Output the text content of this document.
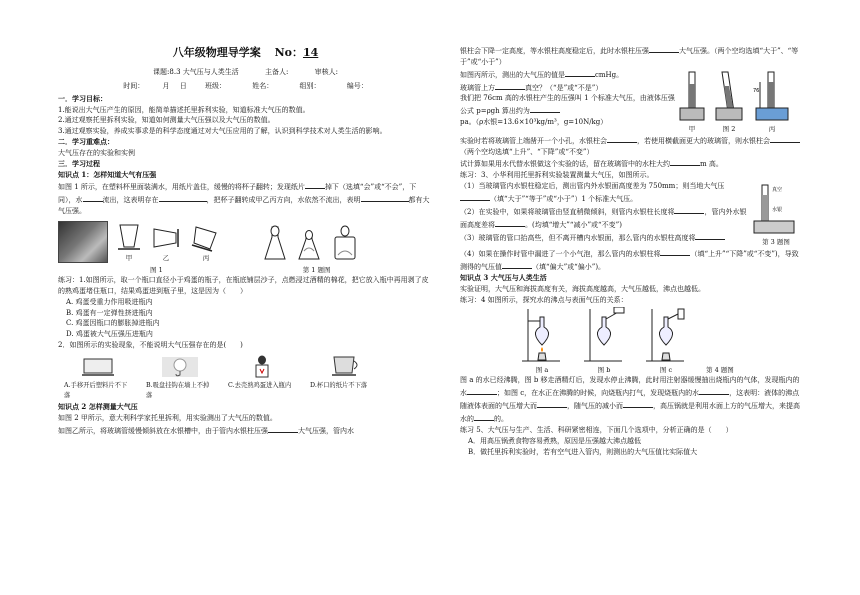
八年级物理导学案 No：14
课题:8.3 大气压与人类生活	主备人:	审核人:
时间：	月 日	班级：	姓名：	组别：	编号：

一．学习目标：

1.能说出大气压产生的原因，能简单描述托里拆利实验，知道标准大气压的数值。

2.通过观察托里拆利实验，知道如何测量大气压强以及大气压的数值。

3.通过观察实验，养成实事求是的科学态度通过对大气压应用的了解，认识到科学技术对人类生活的影响。

二．学习重难点：

大气压存在的实验和实例

三．学习过程

知识点 1：怎样知道大气有压强

如图 1 所示，在塑料杯里面装满水，用纸片盖住，缓慢的将杯子翻转；发现纸片	掉下（选填“会”或“不会”，下同），水	流出，这表明存在	，把杯子翻转成甲乙丙方向，水依然不流出，表明	都有大气压强。

甲	乙	丙
图 1	第 1 题图

练习：1.如图所示，取一个瓶口直径小于鸡蛋的瓶子，在瓶底铺层沙子，点燃浸过酒精的棉花，把它放入瓶中再用剥了皮的熟鸡蛋堵住瓶口，结果鸡蛋进到瓶子里，这是因为（　　）

A. 鸡蛋受重力作用吸进瓶内

B. 鸡蛋有一定弹性挤进瓶内

C. 鸡蛋因瓶口的膨胀掉进瓶内

D. 鸡蛋被大气压强压进瓶内

2．如图所示的实验现象，不能说明大气压强存在的是(　　)

A.手移开后塑料片不下落
B.吸盘挂钩在墙上不掉落
C.去壳熟鸡蛋进入瓶内	D.杯口的纸片不下落

知识点 2 怎样测量大气压

如图 2 甲所示，意大利科学家托里拆利，用实验测出了大气压的数值。

如图乙所示，将玻璃管缓慢倾斜放在水银槽中，由于管内水银柱压强	大气压强，管内水

银柱会下降一定高度，等水银柱高度稳定后，此时水银柱压强	大气压强。（两个空均选填“大于”、“等于”或“小于”）

如图丙所示，测出的大气压的值是	cmHg。

玻璃管上方	真空？（“是”或“不是”）

我们把 76cm 高的水银柱产生的压强叫 1 个标准大气压，由液体压强公式 p=ρgh 算出约为

pa。（ρ水银=13.6×10³kg/m³，g=10N/kg）

甲	图 2
76
丙

实验时若将玻璃管上端凿开一个小孔，水银柱会	，若使用横截面更大的玻璃管，则水银柱会（两个空均选填“上升”、“下降”或“不变”）

试计算如果用水代替水银做这个实验的话，留在玻璃管中的水柱大约	m 高。

练习：3、小华利用托里拆利实验装置测量大气压，如图所示。

（1）当玻璃管内水银柱稳定后，测出管内外水银面高度差为 750mm；则当地大气压（填“大于”“等于”或“小于”）1 个标准大气压。

（2）在实验中，如果将玻璃管由竖直稍微倾斜，则管内水银柱长度将	，管内外水银面高度差将	。(均填“增大”“减小”或“不变”)

（3）玻璃管的管口抬高些，但不离开槽内水银面，那么管内的水银柱高度将

真空
水银
第 3 题图

（4）如果在操作时管中漏进了一个小气泡，那么管内的水银柱将	（填“上升”“下降”或“不变”)，导致测得的气压值	（填“偏大”或“偏小”)。

知识点 3 大气压与人类生活

实验证明，大气压和海拔高度有关，海拔高度越高，大气压越低，沸点也越低。

练习：4 如图所示，探究水的沸点与表面气压的关系：

图 a	图 b	图 c	第 4 题图

图 a 的水已经沸腾，图 b 移走酒精灯后，发现水停止沸腾，此时用注射器缓慢抽出烧瓶内的气体，发现瓶内的水	；如图 c，在水正在沸腾的时候，向烧瓶内打气，发现烧瓶内的水	，这表明：液体的沸点随液体表面的气压增大而	，随气压的减小而	，高压锅就是利用水面上方的气压增大，来提高水的	的。

练习 5、大气压与生产、生活、科研紧密相连，下面几个选项中，分析正确的是（　　）

A．用高压锅煮食物容易煮熟，原因是压强越大沸点越低

B．做托里拆利实验时，若有空气进入管内，则测出的大气压值比实际值大
